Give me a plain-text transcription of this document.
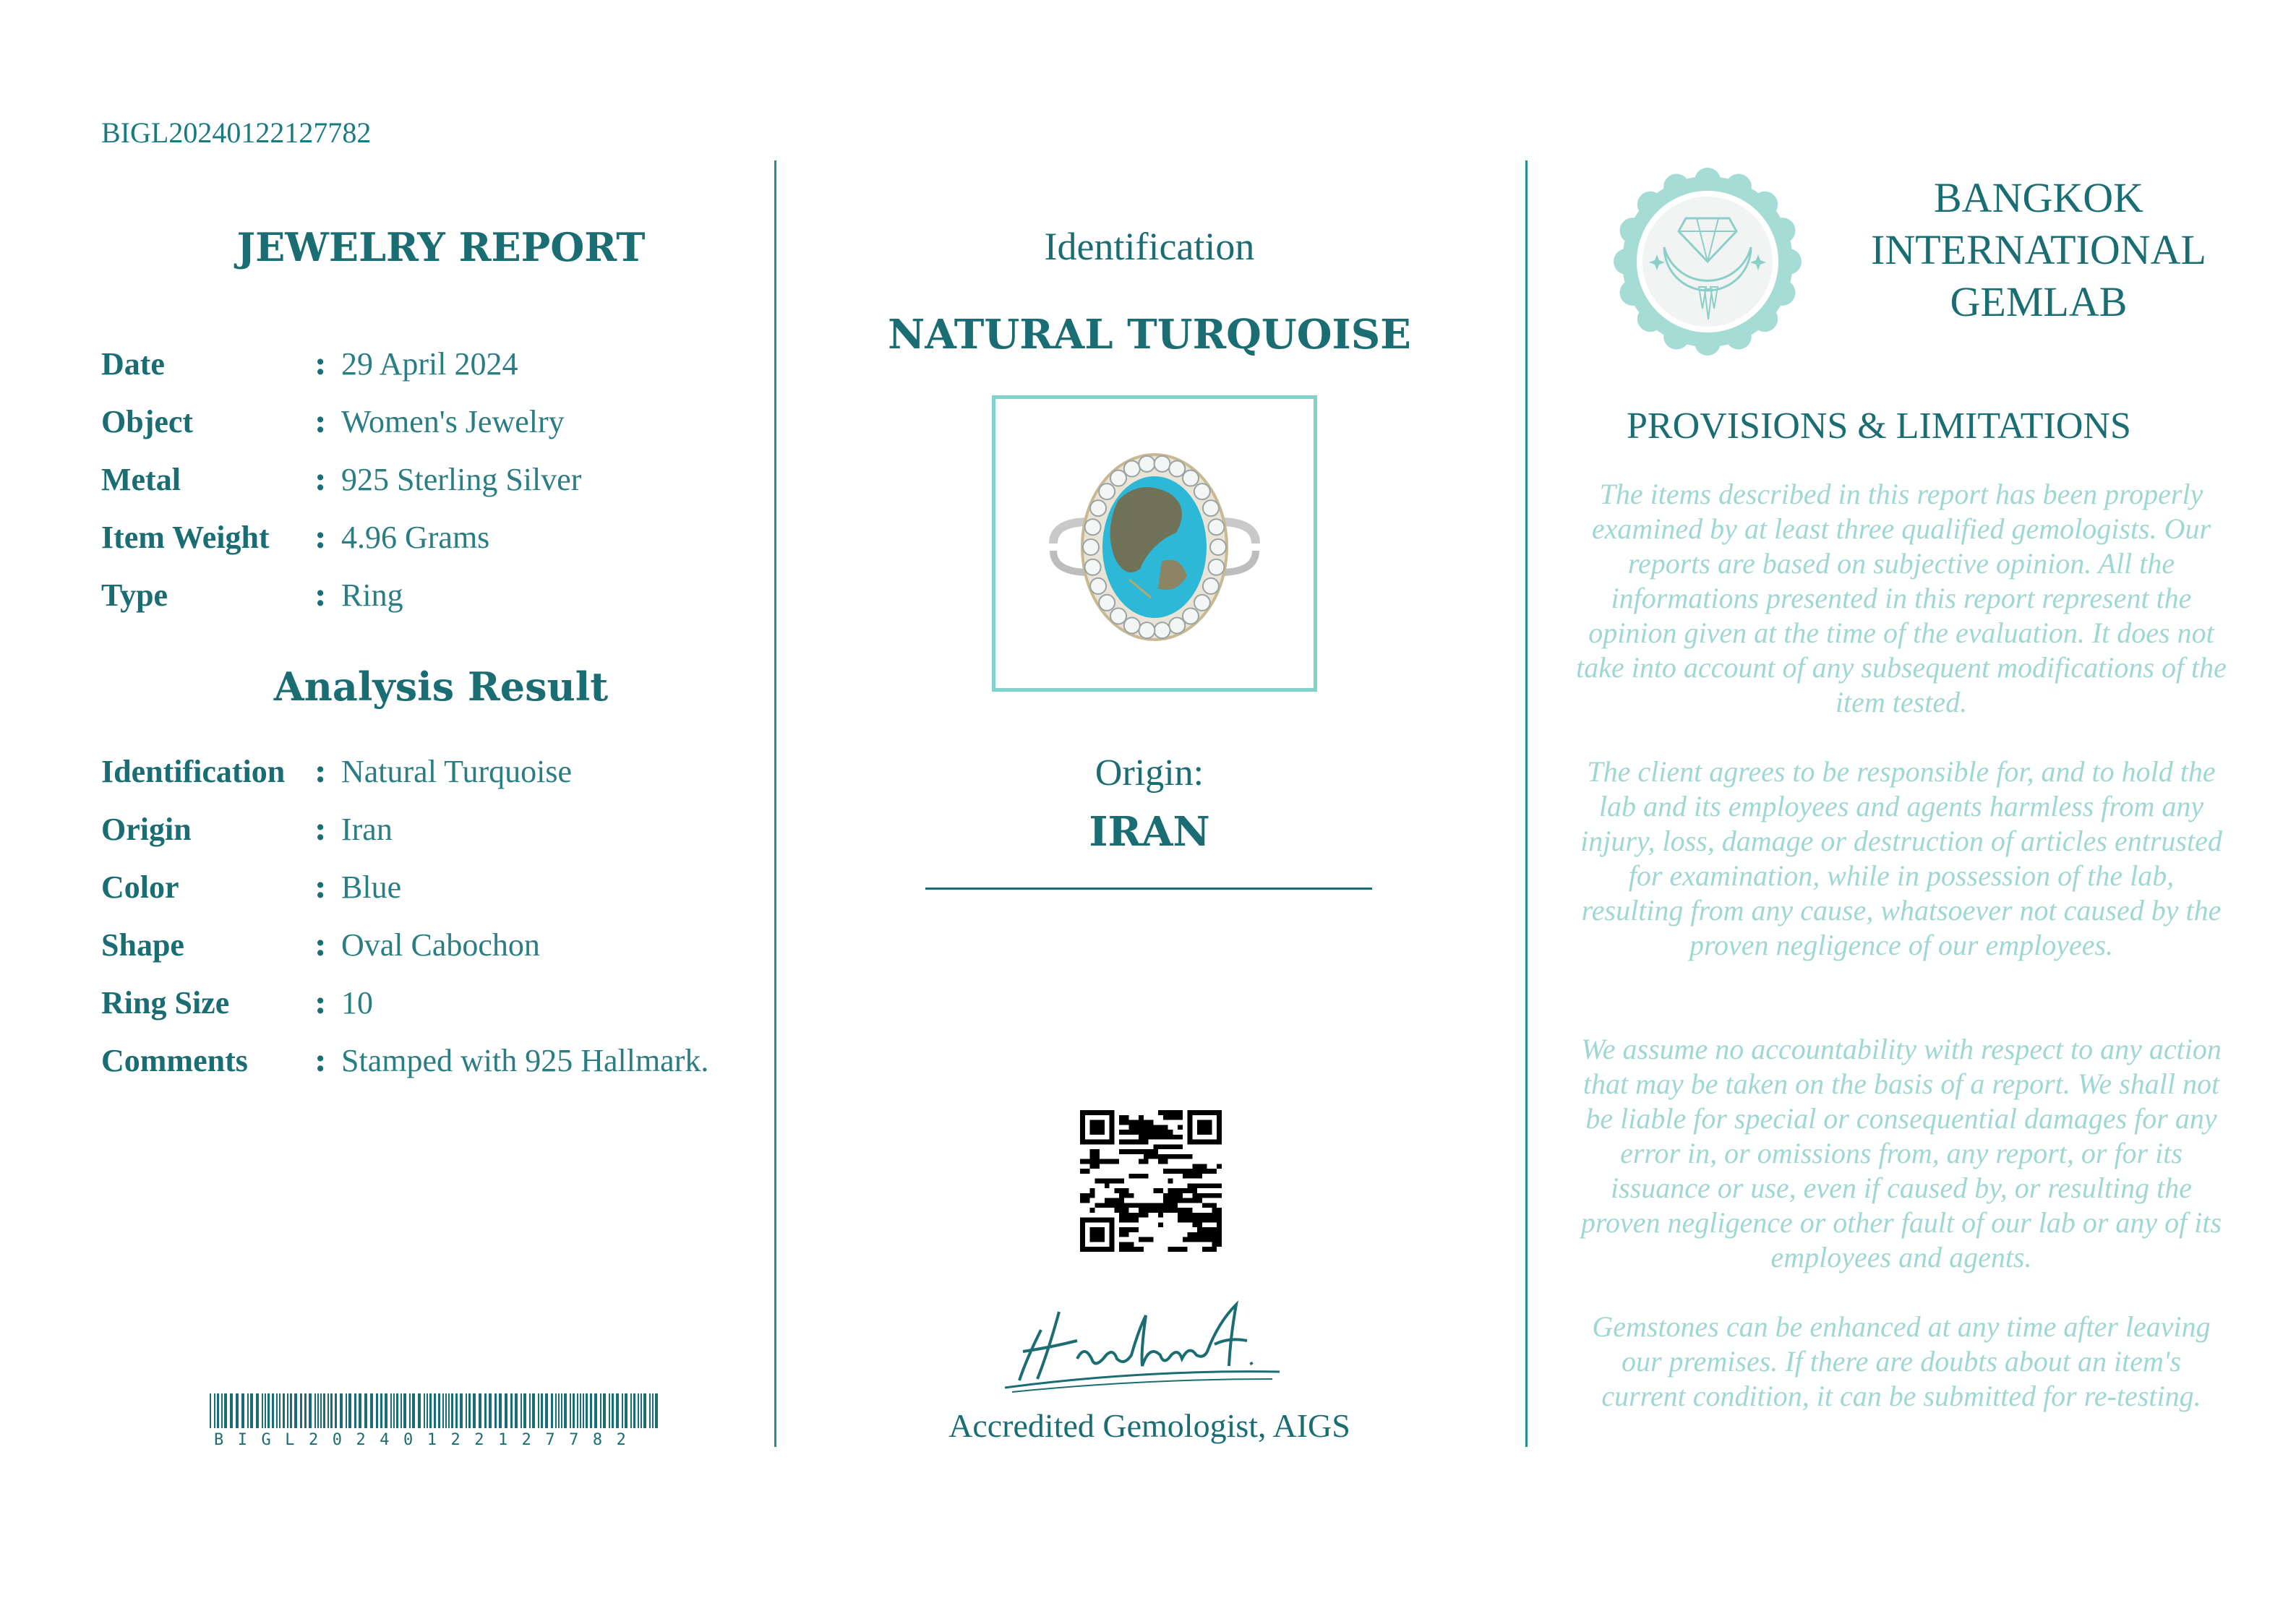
BIGL20240122127782
JEWELRY REPORT
Date	: 29 April 2024
Object	: Women's Jewelry
Metal	: 925 Sterling Silver
Item Weight : 4.96 Grams
Type	: Ring
Analysis Result
Identification : Natural Turquoise
Origin	: Iran
Color	: Blue
Shape	: Oval Cabochon
Ring Size	: 10
Comments : Stamped with 925 Hallmark.
BIGL20240122127782
Identification
NATURAL TURQUOISE
Origin:
IRAN
HashimA.
Accredited Gemologist, AIGS
BANGKOK
INTERNATIONAL
GEMLAB
PROVISIONS & LIMITATIONS
The items described in this report has been properly examined by at least three qualified gemologists. Our reports are based on subjective opinion. All the informations presented in this report represent the opinion given at the time of the evaluation. It does not take into account of any subsequent modifications of the item tested.
The client agrees to be responsible for, and to hold the lab and its employees and agents harmless from any injury, loss, damage or destruction of articles entrusted for examination, while in possession of the lab, resulting from any cause, whatsoever not caused by the proven negligence of our employees.
We assume no accountability with respect to any action that may be taken on the basis of a report. We shall not be liable for special or consequential damages for any error in, or omissions from, any report, or for its issuance or use, even if caused by, or resulting the proven negligence or other fault of our lab or any of its employees and agents.
Gemstones can be enhanced at any time after leaving our premises. If there are doubts about an item's current condition, it can be submitted for re-testing.
